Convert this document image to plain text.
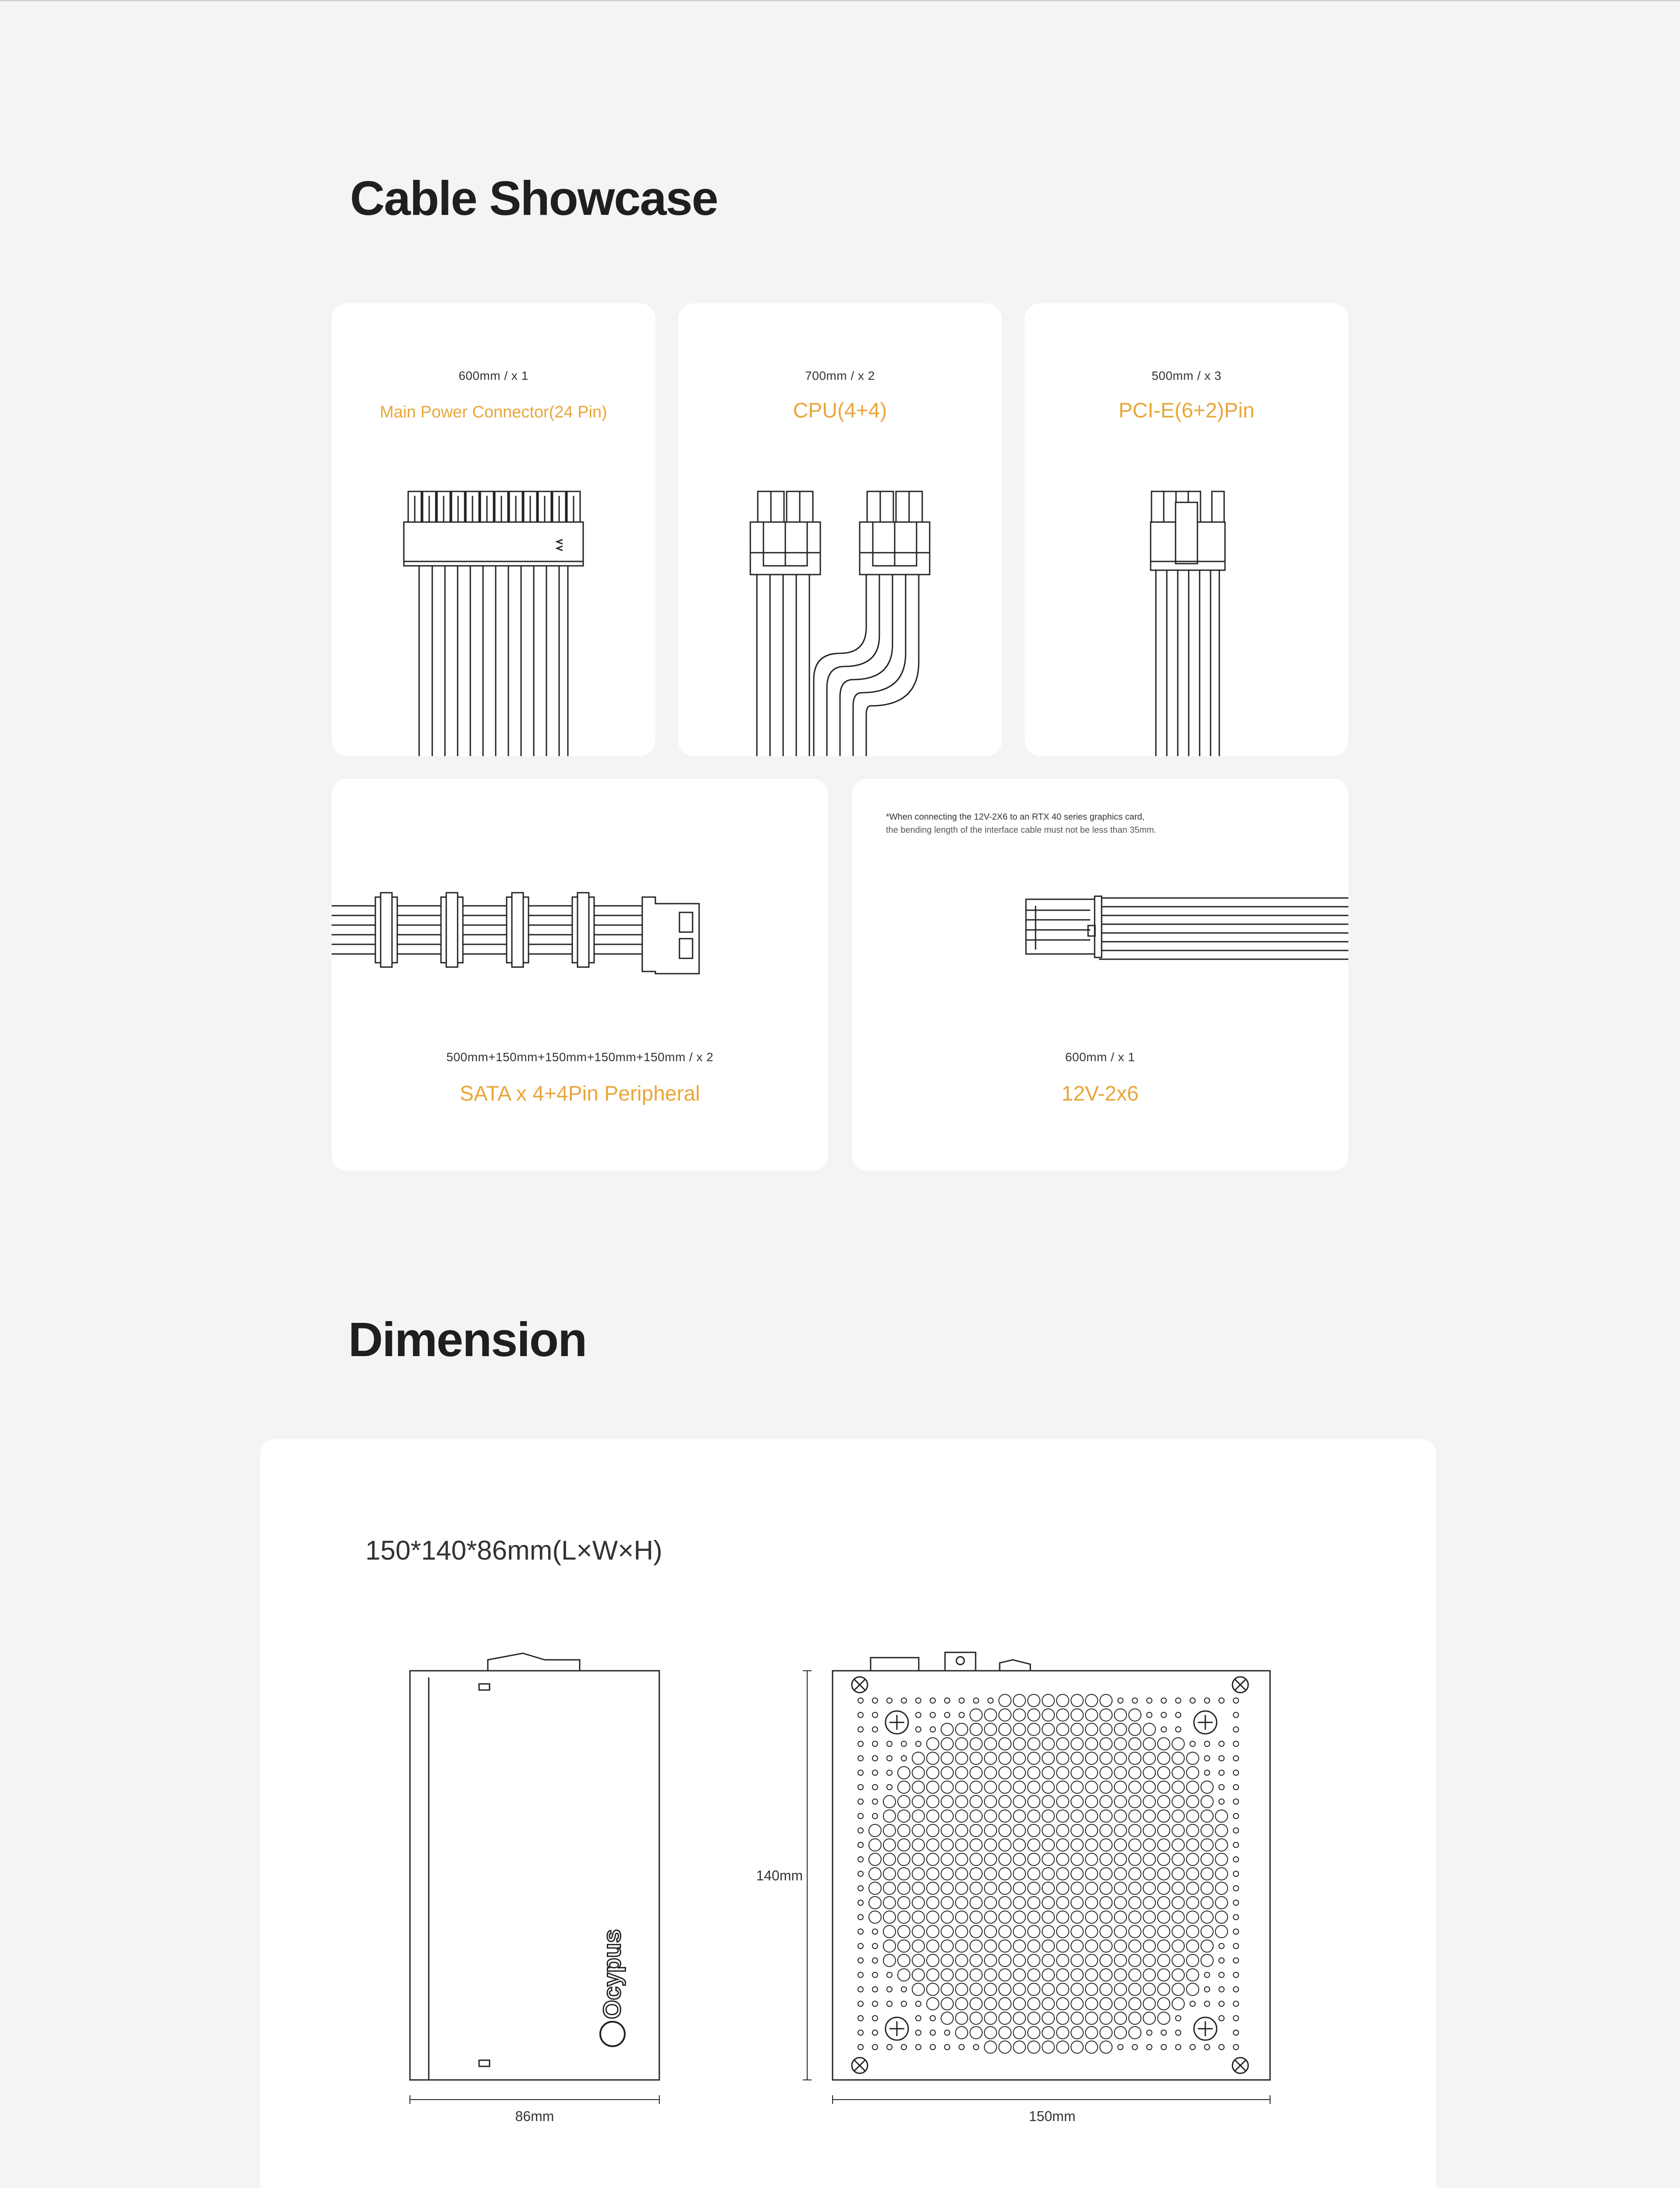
Cable Showcase
600mm / x 1
Main Power Connector(24 Pin)
700mm / x 2
CPU(4+4)
500mm / x 3
PCI-E(6+2)Pin
500mm+150mm+150mm+150mm+150mm / x 2
SATA x 4+4Pin Peripheral
*When connecting the 12V-2X6 to an RTX 40 series graphics card,
the bending length of the interface cable must not be less than 35mm.
600mm / x 1
12V-2x6
Dimension
150*140*86mm(L×W×H)
Ocypus
86mm
140mm
150mm
